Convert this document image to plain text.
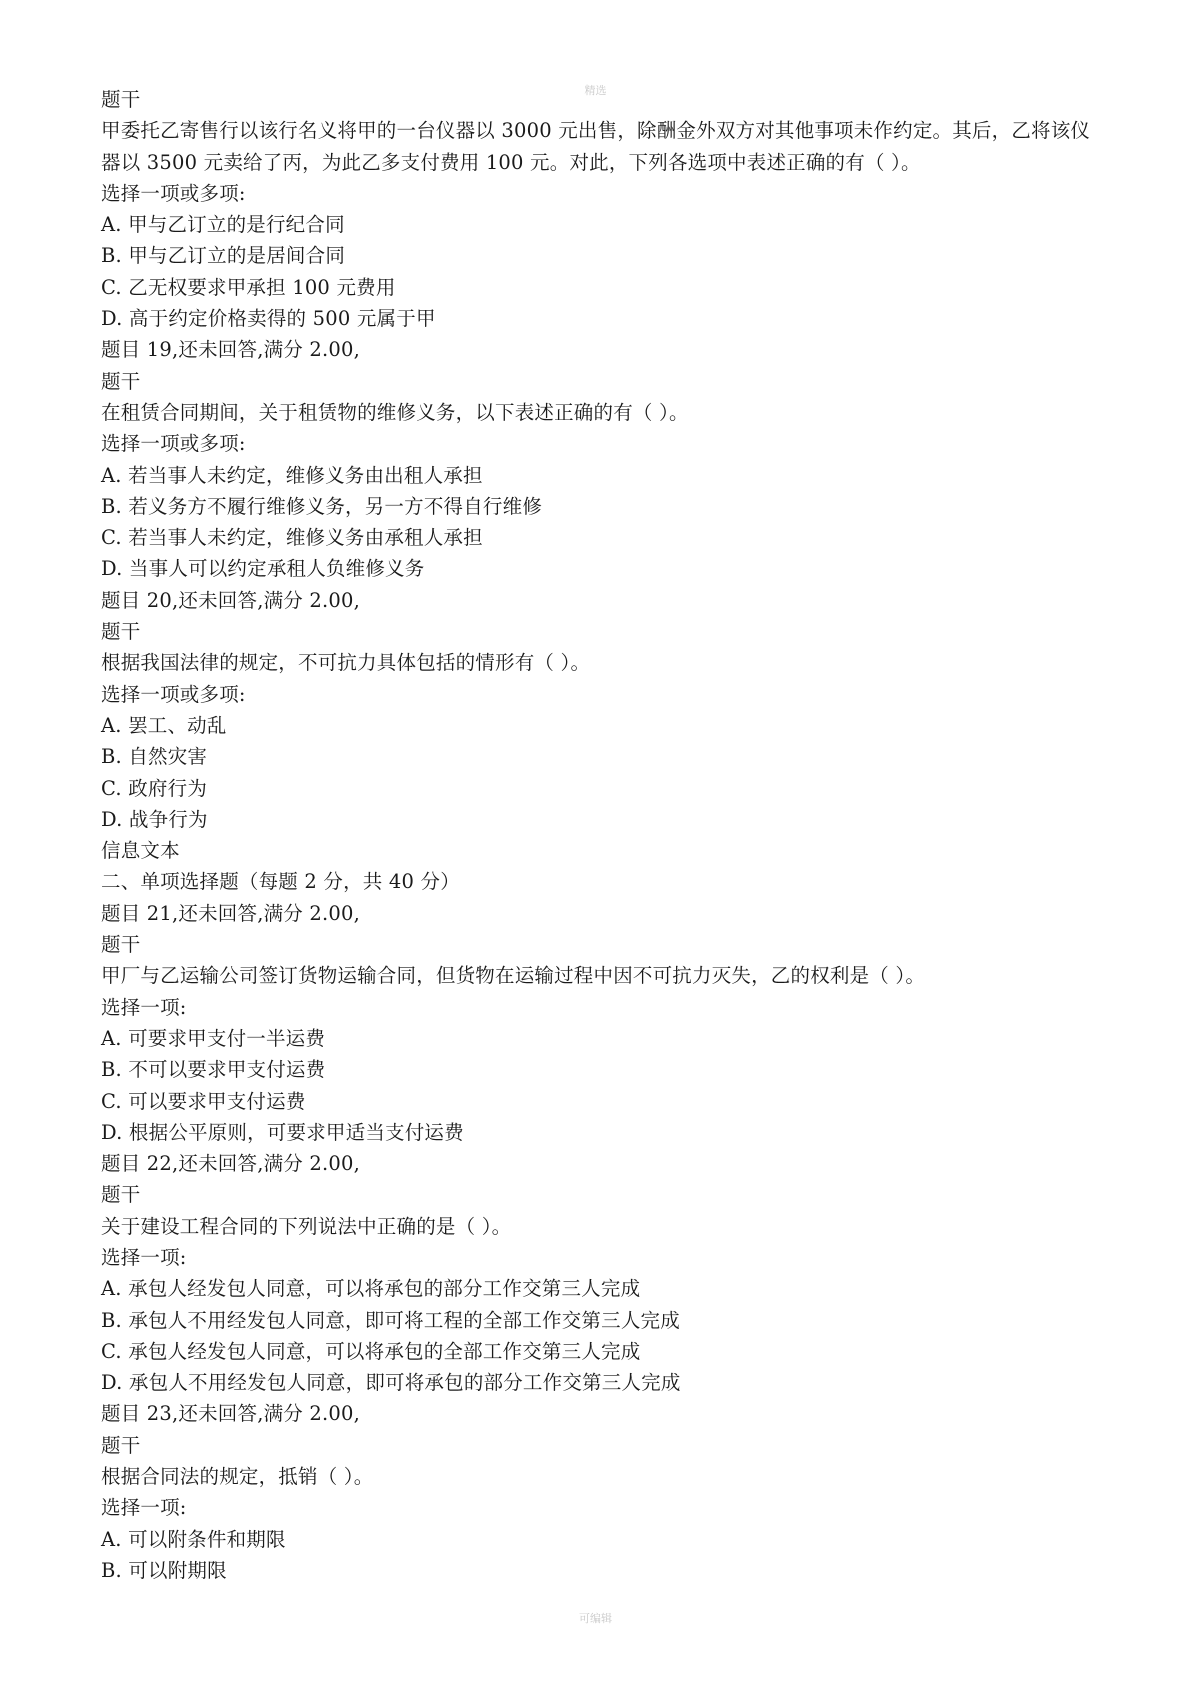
精选
题干
甲委托乙寄售行以该行名义将甲的一台仪器以 3000 元出售，除酬金外双方对其他事项未作约定。其后，乙将该仪器以 3500 元卖给了丙，为此乙多支付费用 100 元。对此，下列各选项中表述正确的有（ ）。
选择一项或多项:
A. 甲与乙订立的是行纪合同
B. 甲与乙订立的是居间合同
C. 乙无权要求甲承担 100 元费用
D. 高于约定价格卖得的 500 元属于甲
题目 19,还未回答,满分 2.00,
题干
在租赁合同期间，关于租赁物的维修义务，以下表述正确的有（ ）。
选择一项或多项:
A. 若当事人未约定，维修义务由出租人承担
B. 若义务方不履行维修义务，另一方不得自行维修
C. 若当事人未约定，维修义务由承租人承担
D. 当事人可以约定承租人负维修义务
题目 20,还未回答,满分 2.00,
题干
根据我国法律的规定，不可抗力具体包括的情形有（ ）。
选择一项或多项:
A. 罢工、动乱
B. 自然灾害
C. 政府行为
D. 战争行为
信息文本
二、单项选择题（每题 2 分，共 40 分）
题目 21,还未回答,满分 2.00,
题干
甲厂与乙运输公司签订货物运输合同，但货物在运输过程中因不可抗力灭失，乙的权利是（ ）。
选择一项:
A. 可要求甲支付一半运费
B. 不可以要求甲支付运费
C. 可以要求甲支付运费
D. 根据公平原则，可要求甲适当支付运费
题目 22,还未回答,满分 2.00,
题干
关于建设工程合同的下列说法中正确的是（ ）。
选择一项:
A. 承包人经发包人同意，可以将承包的部分工作交第三人完成
B. 承包人不用经发包人同意，即可将工程的全部工作交第三人完成
C. 承包人经发包人同意，可以将承包的全部工作交第三人完成
D. 承包人不用经发包人同意，即可将承包的部分工作交第三人完成
题目 23,还未回答,满分 2.00,
题干
根据合同法的规定，抵销（ ）。
选择一项:
A. 可以附条件和期限
B. 可以附期限
可编辑
